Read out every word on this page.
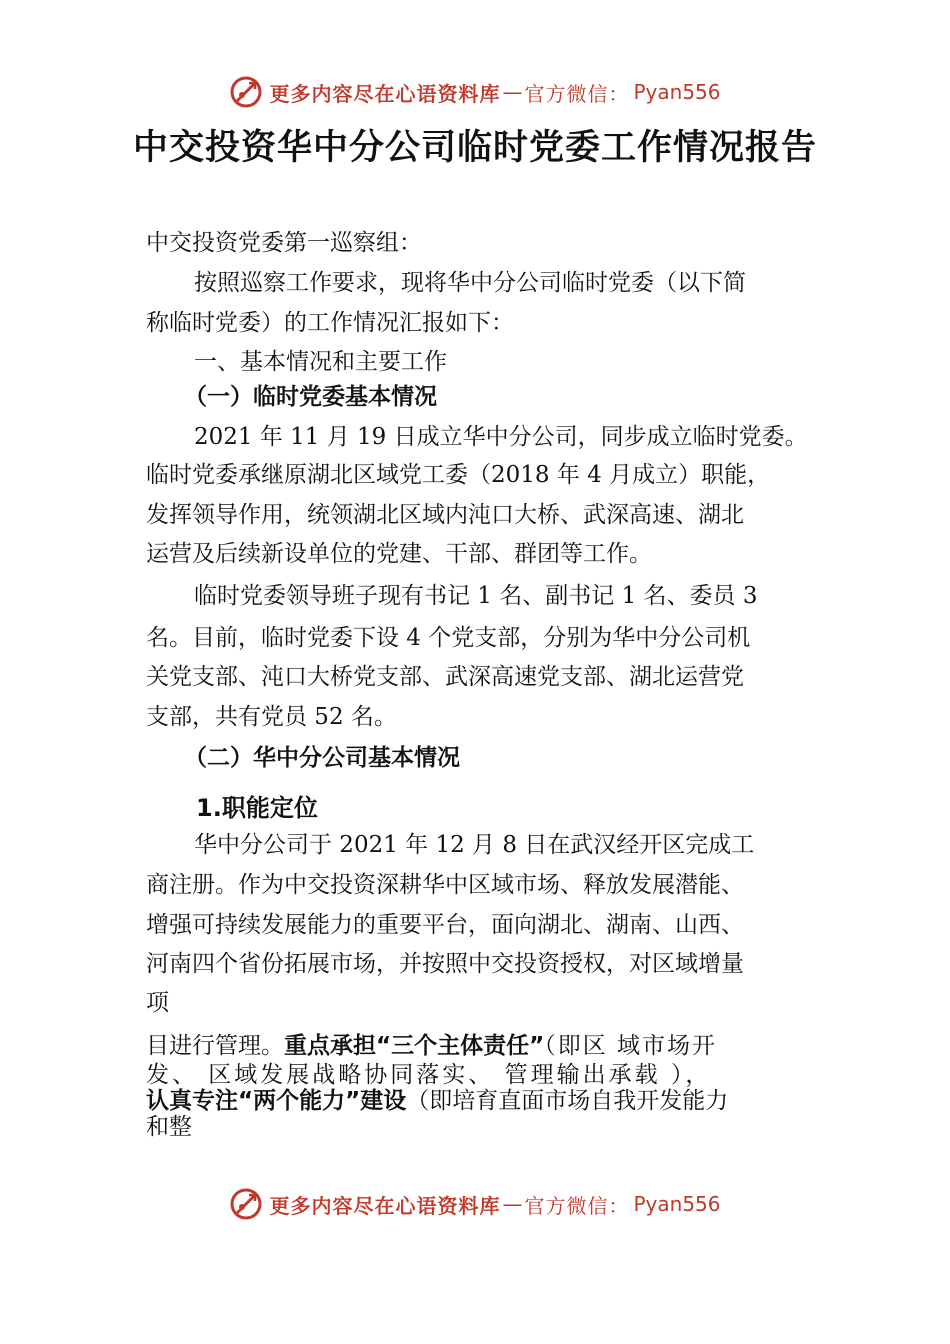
更多内容尽在心语资料库 — 官方微信： Pyan556
中交投资华中分公司临时党委工作情况报告

中交投资党委第一巡察组：

按照巡察工作要求，现将华中分公司临时党委（以下简

称临时党委）的工作情况汇报如下：

一、基本情况和主要工作

（一）临时党委基本情况

2021 年 11 月 19 日成立华中分公司，同步成立临时党委。

临时党委承继原湖北区域党工委（2018 年 4 月成立）职能，

发挥领导作用，统领湖北区域内沌口大桥、武深高速、湖北

运营及后续新设单位的党建、干部、群团等工作。

临时党委领导班子现有书记 1 名、副书记 1 名、委员 3

名。目前，临时党委下设 4 个党支部，分别为华中分公司机

关党支部、沌口大桥党支部、武深高速党支部、湖北运营党

支部，共有党员 52 名。

（二）华中分公司基本情况

1.职能定位

华中分公司于 2021 年 12 月 8 日在武汉经开区完成工

商注册。作为中交投资深耕华中区域市场、释放发展潜能、

增强可持续发展能力的重要平台，面向湖北、湖南、山西、

河南四个省份拓展市场，并按照中交投资授权，对区域增量

项

目进行管理。重点承担“三个主体责任”（即区 域市场开

发、 区域发展战略协同落实、 管理输出承载 ），

认真专注“两个能力”建设（即培育直面市场自我开发能力

和整

更多内容尽在心语资料库 — 官方微信： Pyan556
